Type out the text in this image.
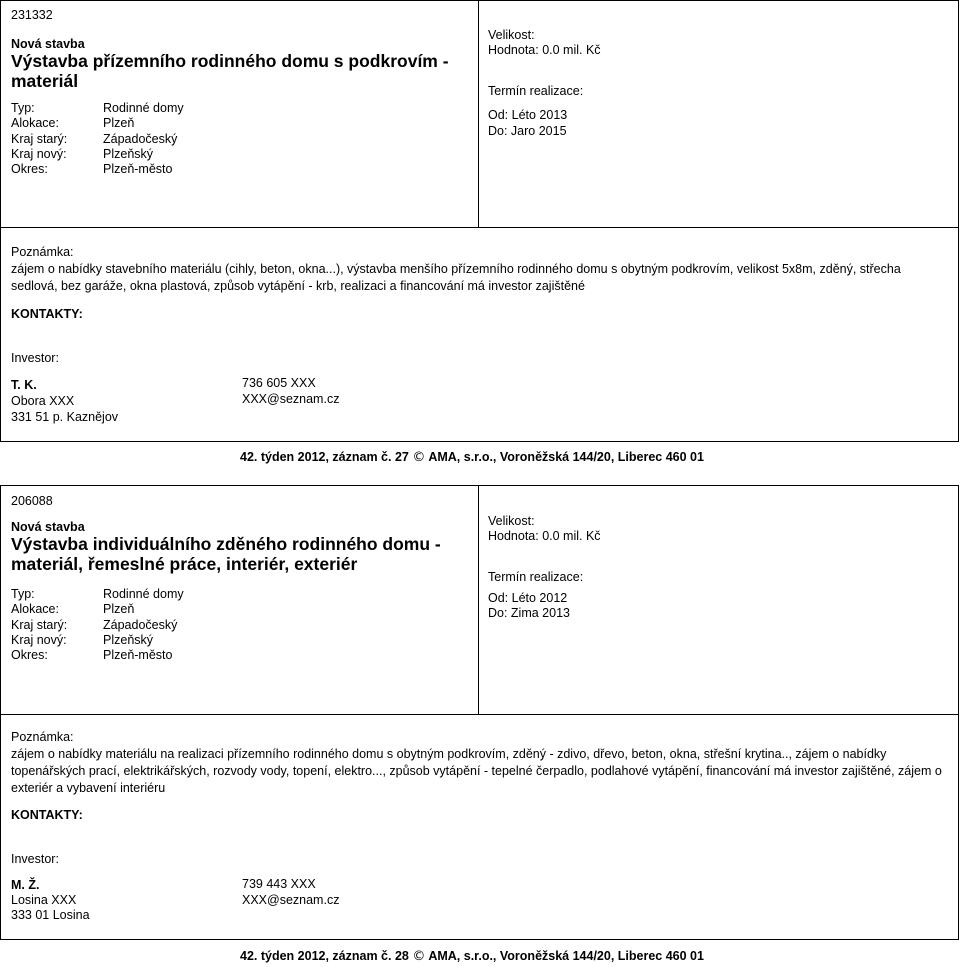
231332
Nová stavba
Výstavba přízemního rodinného domu s podkrovím - materiál
Typ:	Rodinné domy
Alokace:	Plzeň
Kraj starý:	Západočeský
Kraj nový:	Plzeňský
Okres:	Plzeň-město
Velikost:
Hodnota: 0.0 mil. Kč
Termín realizace:
Od: Léto 2013
Do: Jaro 2015
Poznámka:
zájem o nabídky stavebního materiálu (cihly, beton, okna...), výstavba menšího přízemního rodinného domu s obytným podkrovím, velikost 5x8m, zděný, střecha sedlová, bez garáže, okna plastová, způsob vytápění - krb, realizaci a financování má investor zajištěné
KONTAKTY:
Investor:
T. K.
Obora XXX
331 51 p. Kaznějov
736 605 XXX
XXX@seznam.cz
42. týden 2012, záznam č. 27 © AMA, s.r.o., Voroněžská 144/20, Liberec 460 01
206088
Nová stavba
Výstavba individuálního zděného rodinného domu - materiál, řemeslné práce, interiér, exteriér
Typ:	Rodinné domy
Alokace:	Plzeň
Kraj starý:	Západočeský
Kraj nový:	Plzeňský
Okres:	Plzeň-město
Velikost:
Hodnota: 0.0 mil. Kč
Termín realizace:
Od: Léto 2012
Do: Zima 2013
Poznámka:
zájem o nabídky materiálu na realizaci přízemního rodinného domu s obytným podkrovím, zděný - zdivo, dřevo, beton, okna, střešní krytina.., zájem o nabídky topenářských prací, elektrikářských, rozvody vody, topení, elektro..., způsob vytápění - tepelné čerpadlo, podlahové vytápění, financování má investor zajištěné, zájem o exteriér a vybavení interiéru
KONTAKTY:
Investor:
M. Ž.
Losina XXX
333 01 Losina
739 443 XXX
XXX@seznam.cz
42. týden 2012, záznam č. 28 © AMA, s.r.o., Voroněžská 144/20, Liberec 460 01
